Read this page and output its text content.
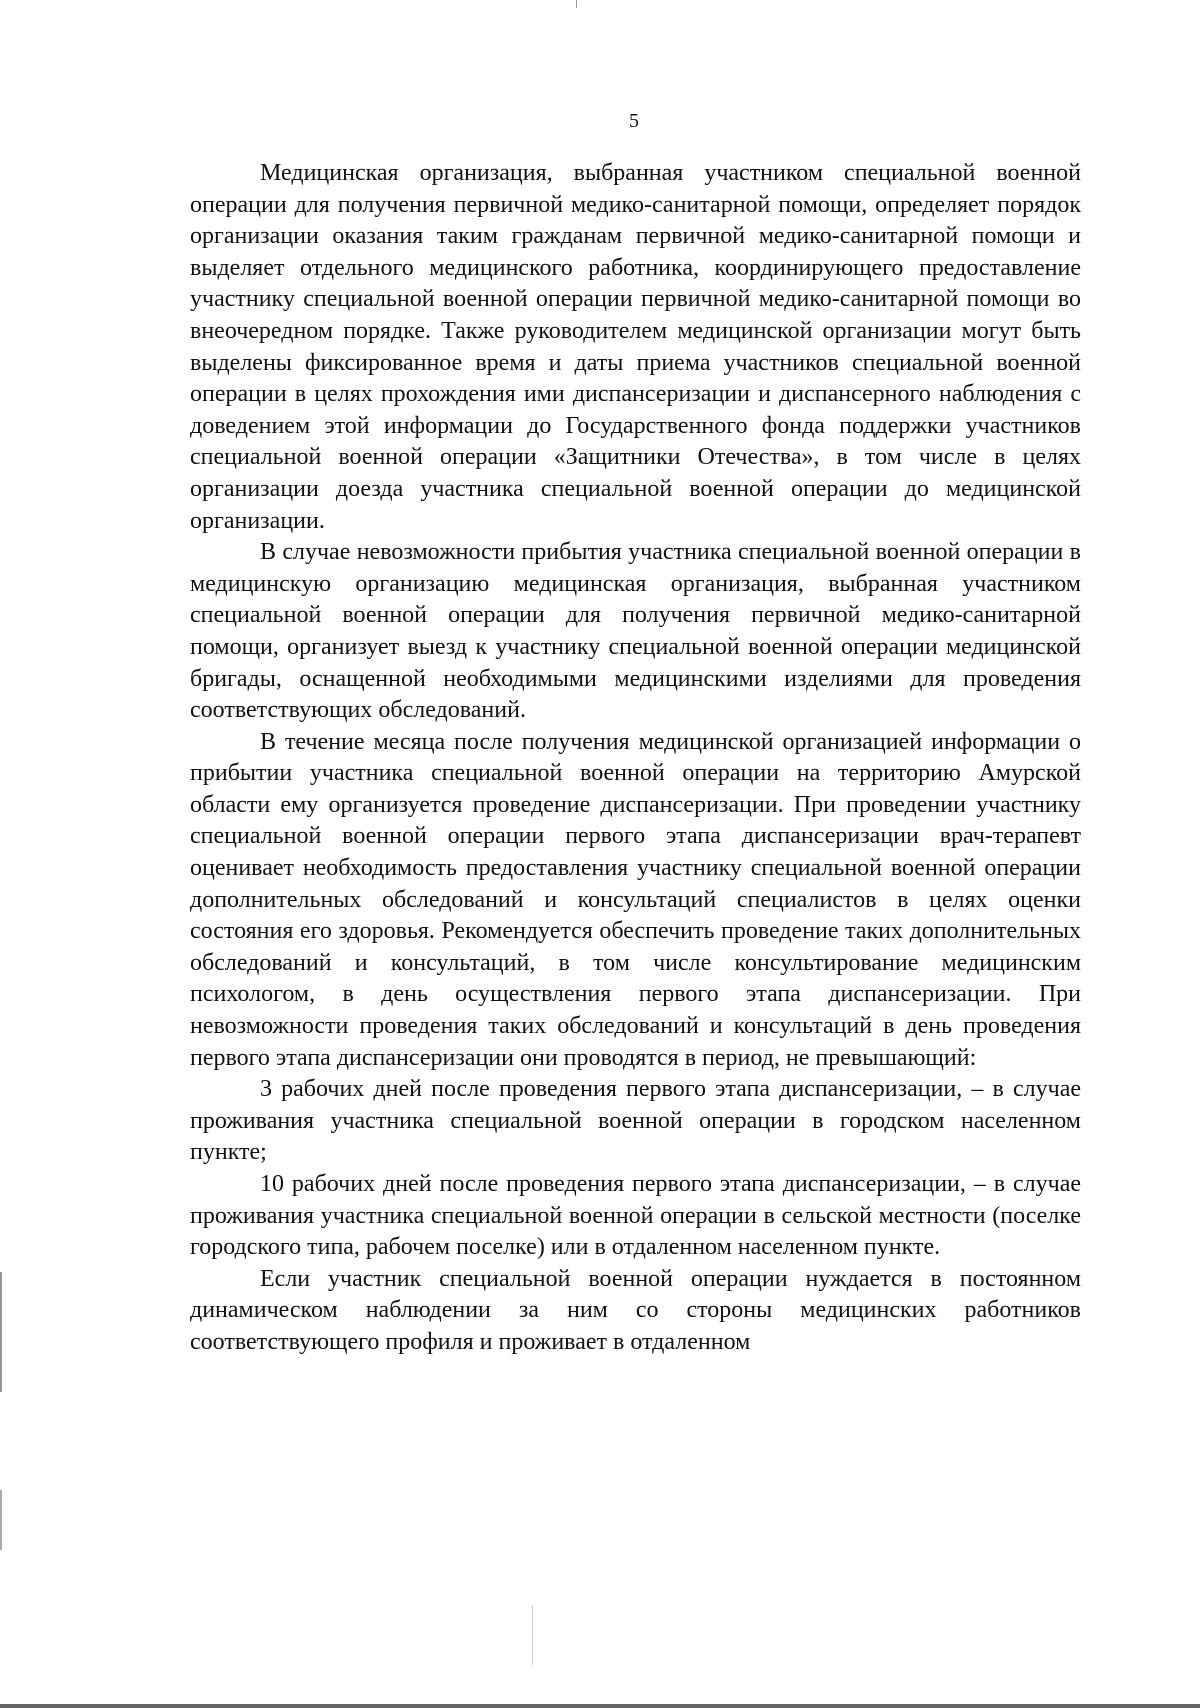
5

Медицинская организация, выбранная участником специальной военной операции для получения первичной медико-санитарной помощи, определяет порядок организации оказания таким гражданам первичной медико-санитарной помощи и выделяет отдельного медицинского работника, координирующего предоставление участнику специальной военной операции первичной медико-санитарной помощи во внеочередном порядке. Также руководителем медицинской организации могут быть выделены фиксированное время и даты приема участников специальной военной операции в целях прохождения ими диспансеризации и диспансерного наблюдения с доведением этой информации до Государственного фонда поддержки участников специальной военной операции «Защитники Отечества», в том числе в целях организации доезда участника специальной военной операции до медицинской организации.

В случае невозможности прибытия участника специальной военной операции в медицинскую организацию медицинская организация, выбранная участником специальной военной операции для получения первичной медико-санитарной помощи, организует выезд к участнику специальной военной операции медицинской бригады, оснащенной необходимыми медицинскими изделиями для проведения соответствующих обследований.

В течение месяца после получения медицинской организацией информации о прибытии участника специальной военной операции на территорию Амурской области ему организуется проведение диспансеризации. При проведении участнику специальной военной операции первого этапа диспансеризации врач-терапевт оценивает необходимость предоставления участнику специальной военной операции дополнительных обследований и консультаций специалистов в целях оценки состояния его здоровья. Рекомендуется обеспечить проведение таких дополнительных обследований и консультаций, в том числе консультирование медицинским психологом, в день осуществления первого этапа диспансеризации. При невозможности проведения таких обследований и консультаций в день проведения первого этапа диспансеризации они проводятся в период, не превышающий:

3 рабочих дней после проведения первого этапа диспансеризации, – в случае проживания участника специальной военной операции в городском населенном пункте;

10 рабочих дней после проведения первого этапа диспансеризации, – в случае проживания участника специальной военной операции в сельской местности (поселке городского типа, рабочем поселке) или в отдаленном населенном пункте.

Если участник специальной военной операции нуждается в постоянном динамическом наблюдении за ним со стороны медицинских работников соответствующего профиля и проживает в отдаленном
